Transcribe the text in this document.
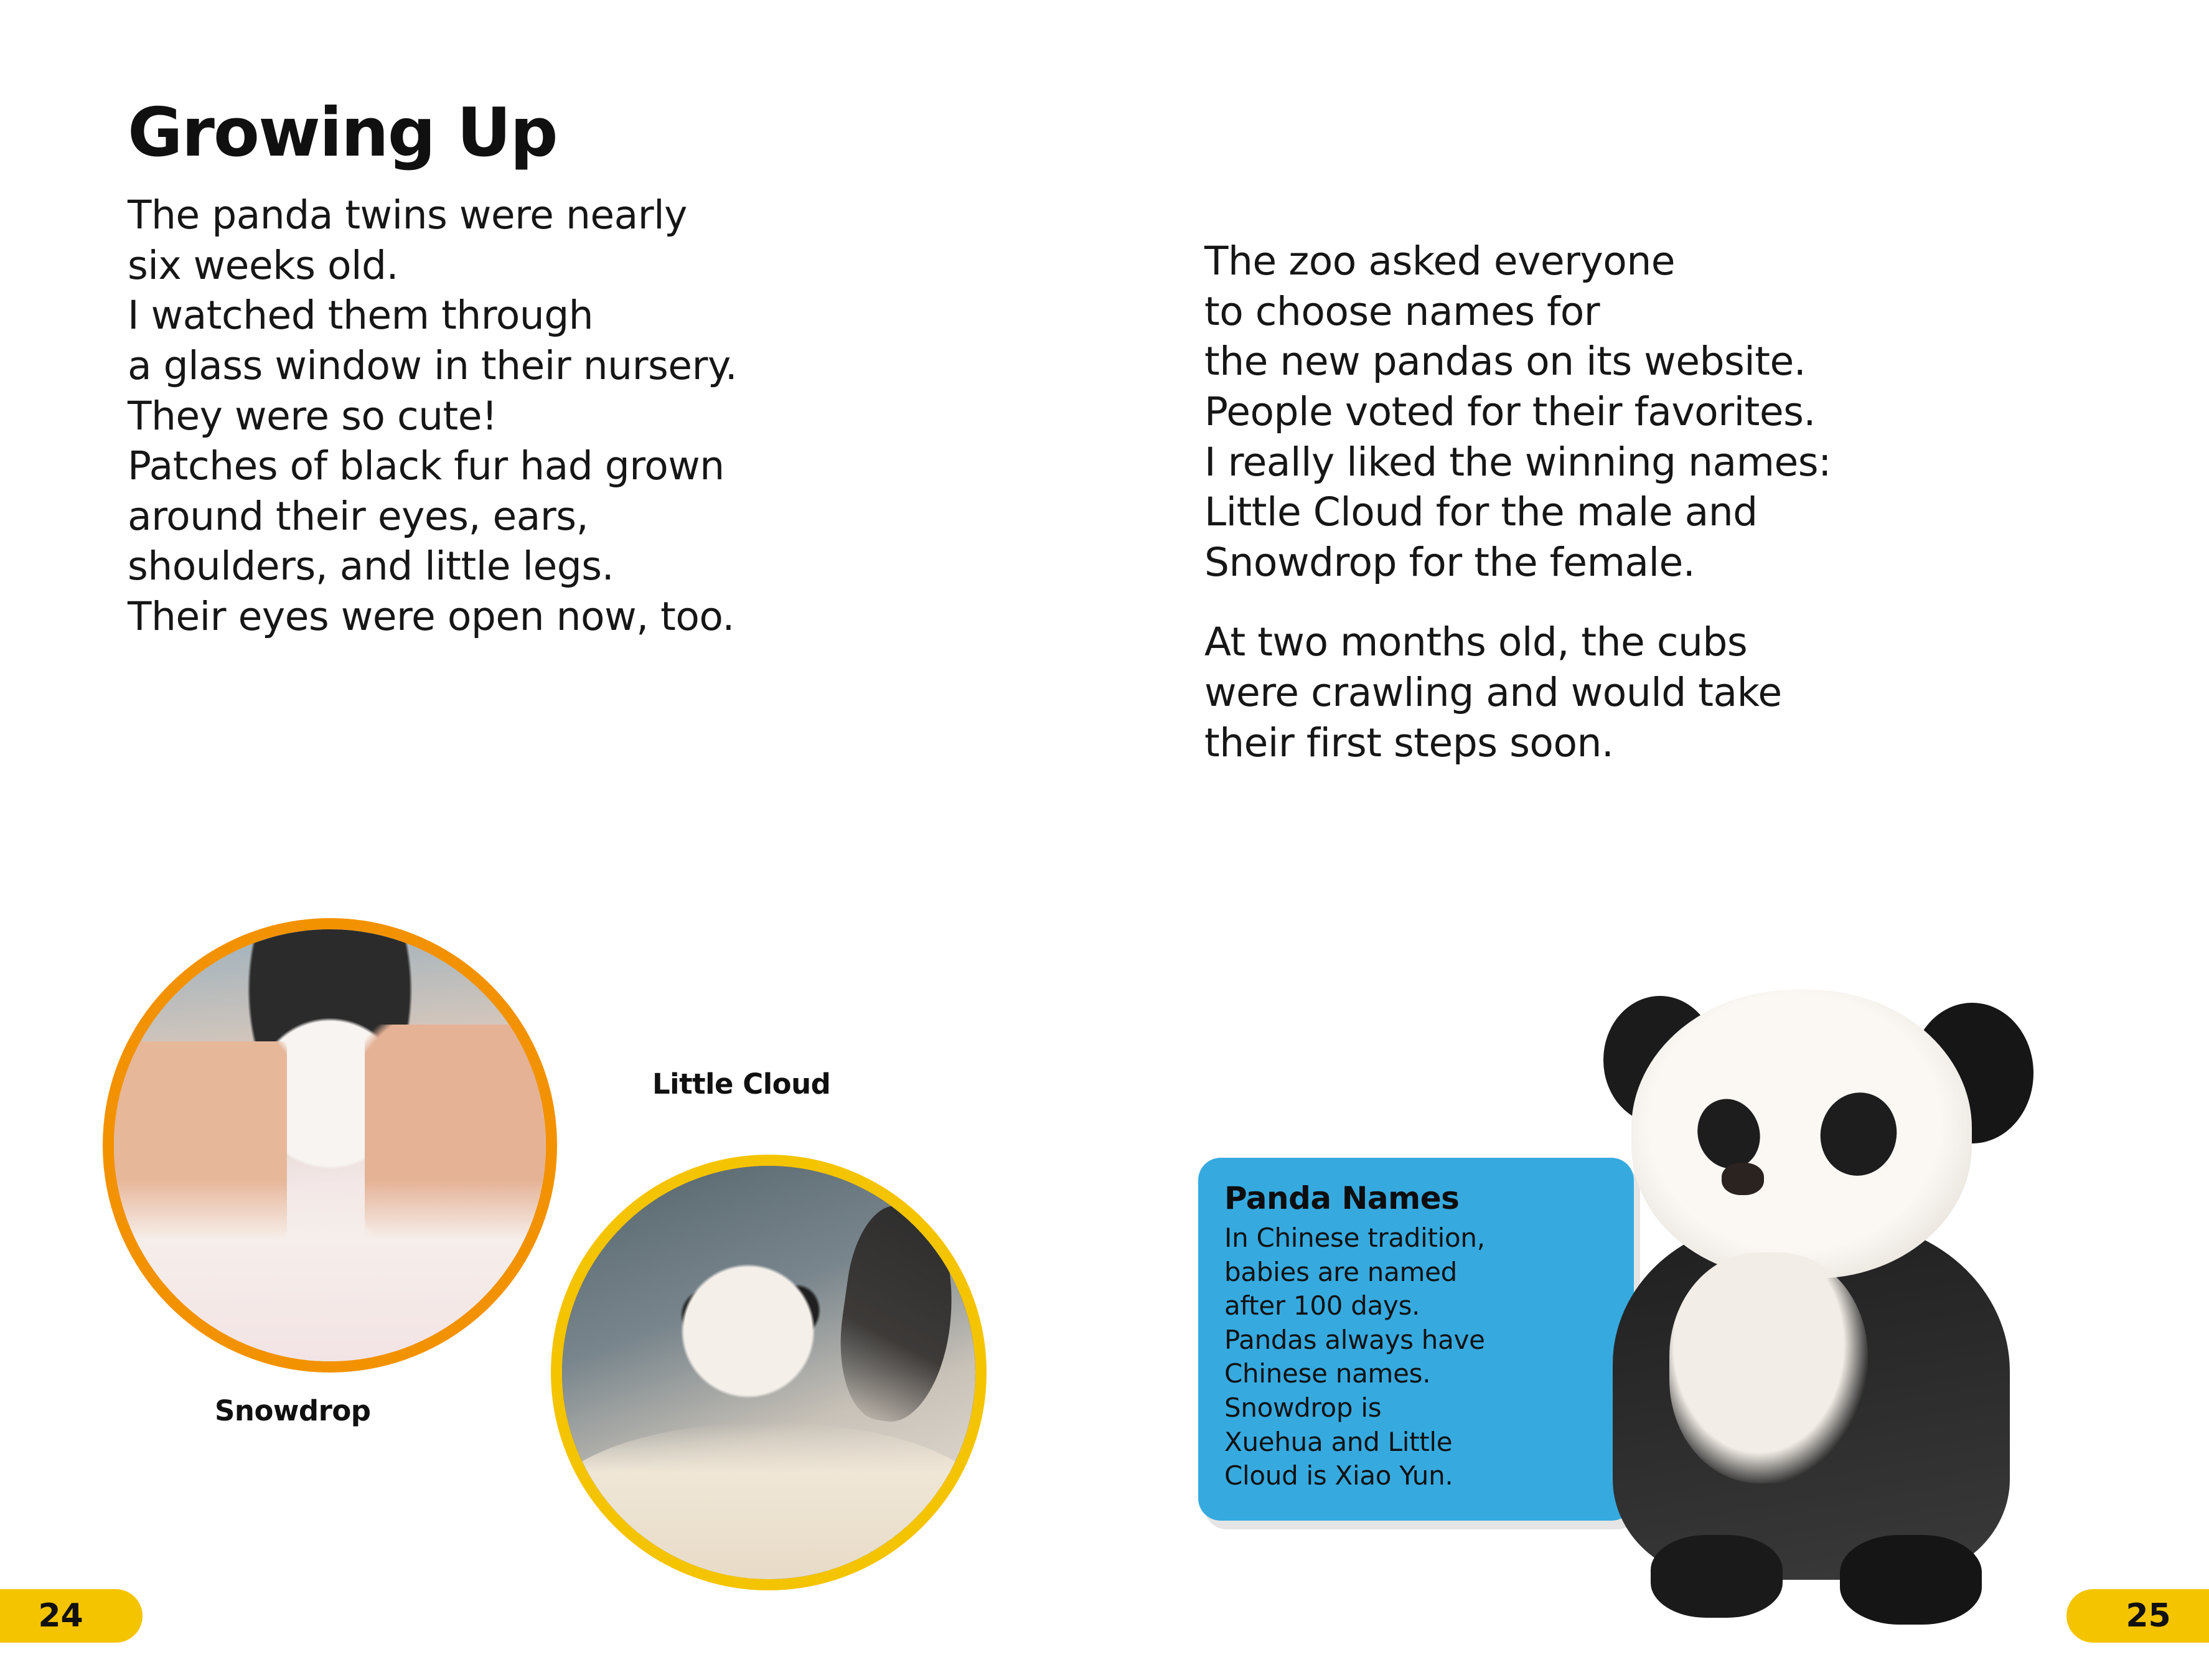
Growing Up
The panda twins were nearly
six weeks old.
I watched them through
a glass window in their nursery.
They were so cute!
Patches of black fur had grown
around their eyes, ears,
shoulders, and little legs.
Their eyes were open now, too.
The zoo asked everyone
to choose names for
the new pandas on its website.
People voted for their favorites.
I really liked the winning names:
Little Cloud for the male and
Snowdrop for the female.
At two months old, the cubs
were crawling and would take
their first steps soon.
Snowdrop
Little Cloud
Panda Names
In Chinese tradition, babies are named after 100 days. Pandas always have Chinese names. Snowdrop is Xuehua and Little Cloud is Xiao Yun.
24	25
